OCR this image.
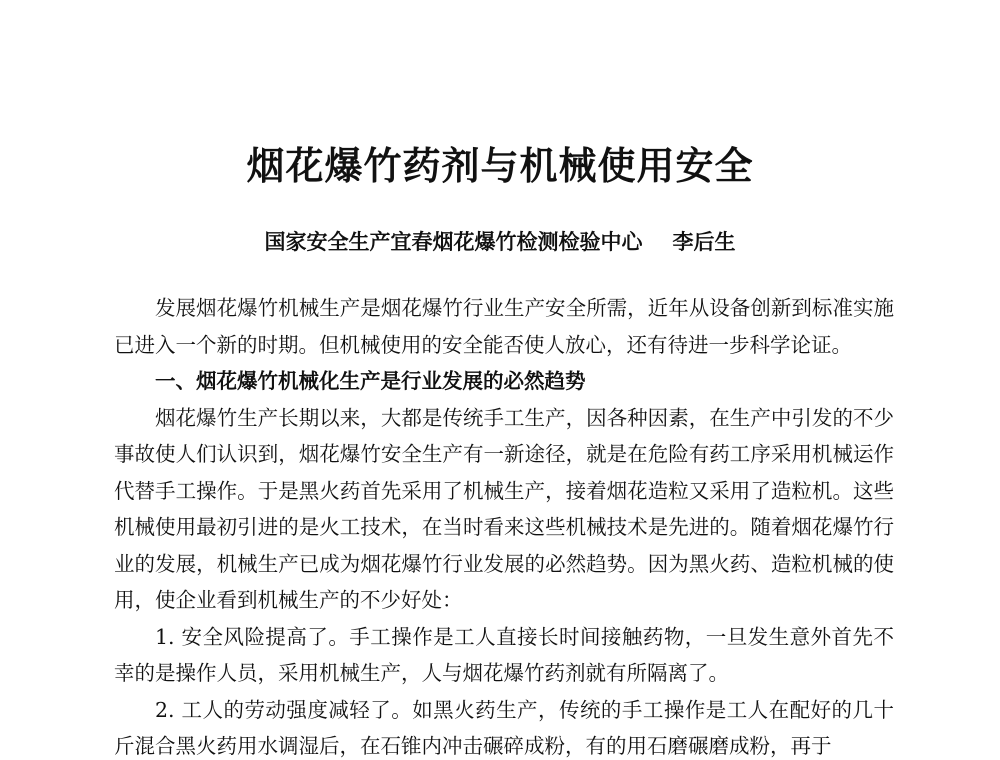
烟花爆竹药剂与机械使用安全
国家安全生产宜春烟花爆竹检测检验中心 李后生

发展烟花爆竹机械生产是烟花爆竹行业生产安全所需，近年从设备创新到标准实施已进入一个新的时期。但机械使用的安全能否使人放心，还有待进一步科学论证。

一、烟花爆竹机械化生产是行业发展的必然趋势

烟花爆竹生产长期以来，大都是传统手工生产，因各种因素，在生产中引发的不少事故使人们认识到，烟花爆竹安全生产有一新途径，就是在危险有药工序采用机械运作代替手工操作。于是黑火药首先采用了机械生产，接着烟花造粒又采用了造粒机。这些机械使用最初引进的是火工技术，在当时看来这些机械技术是先进的。随着烟花爆竹行业的发展，机械生产已成为烟花爆竹行业发展的必然趋势。因为黑火药、造粒机械的使用，使企业看到机械生产的不少好处：

1. 安全风险提高了。手工操作是工人直接长时间接触药物，一旦发生意外首先不幸的是操作人员，采用机械生产，人与烟花爆竹药剂就有所隔离了。

2. 工人的劳动强度减轻了。如黑火药生产，传统的手工操作是工人在配好的几十斤混合黑火药用水调湿后，在石锥内冲击碾碎成粉，有的用石磨碾磨成粉，再于
